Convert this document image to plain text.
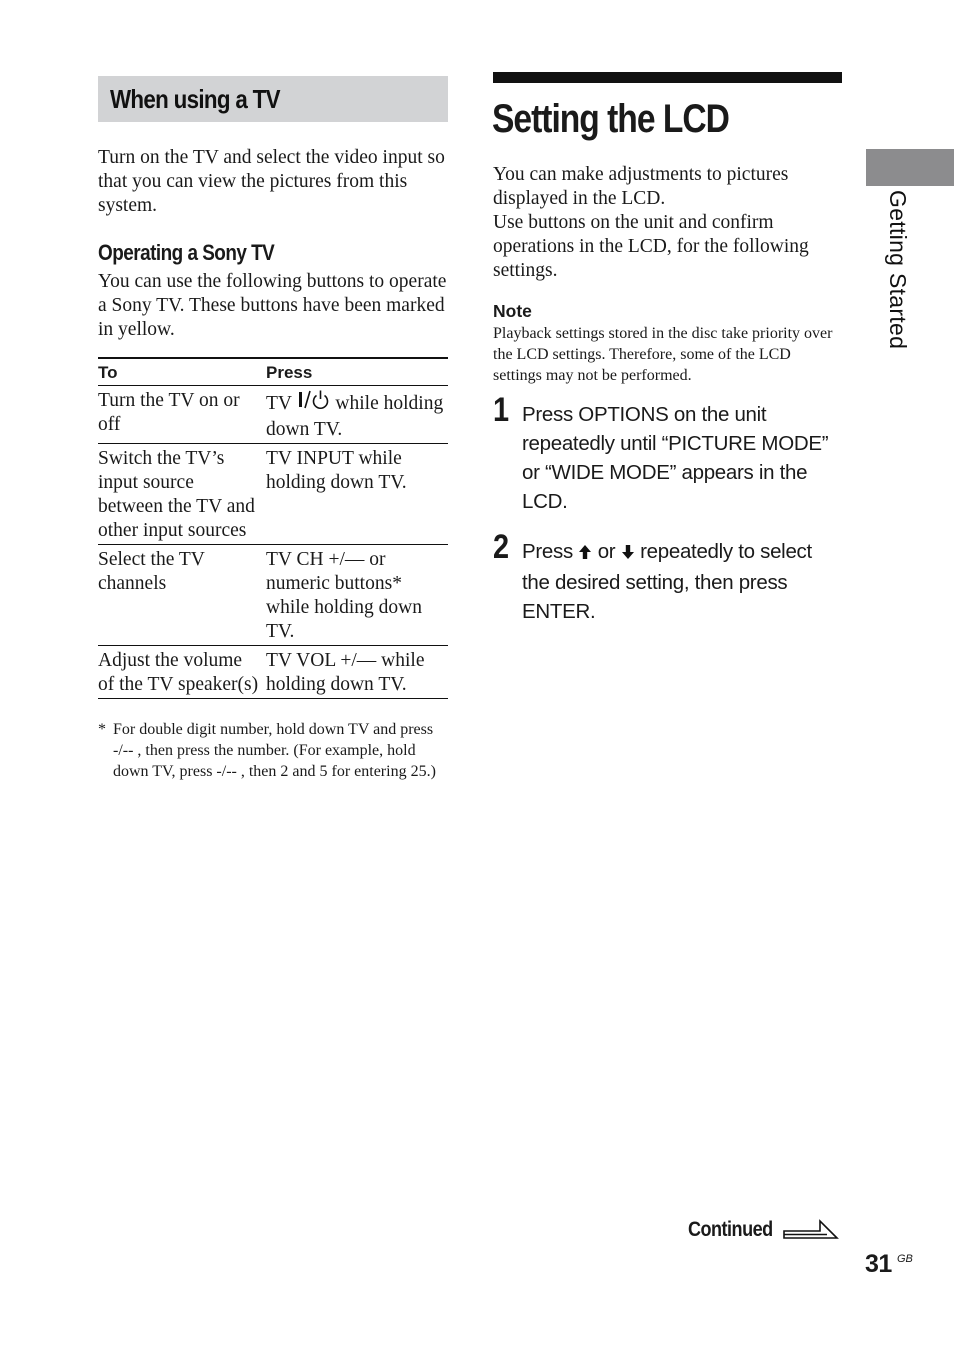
When using a TV

Turn on the TV and select the video input so that you can view the pictures from this system.

Operating a Sony TV

You can use the following buttons to operate a Sony TV. These buttons have been marked in yellow.

To	Press
Turn the TV on or off	TV  while holding down TV.
Switch the TV’s input source between the TV and other input sources	TV INPUT while holding down TV.
Select the TV channels	TV CH +/— or numeric buttons* while holding down TV.
Adjust the volume of the TV speaker(s)	TV VOL +/— while holding down TV.
* For double digit number, hold down TV and press -/-- , then press the number. (For example, hold down TV, press -/-- , then 2 and 5 for entering 25.)
Setting the LCD

You can make adjustments to pictures displayed in the LCD.

Use buttons on the unit and confirm operations in the LCD, for the following settings.

Note

Playback settings stored in the disc take priority over the LCD settings. Therefore, some of the LCD settings may not be performed.

1 Press OPTIONS on the unit repeatedly until “PICTURE MODE” or “WIDE MODE” appears in the LCD.
2 Press  or  repeatedly to select the desired setting, then press ENTER.
Getting Started
Continued
31 GB
